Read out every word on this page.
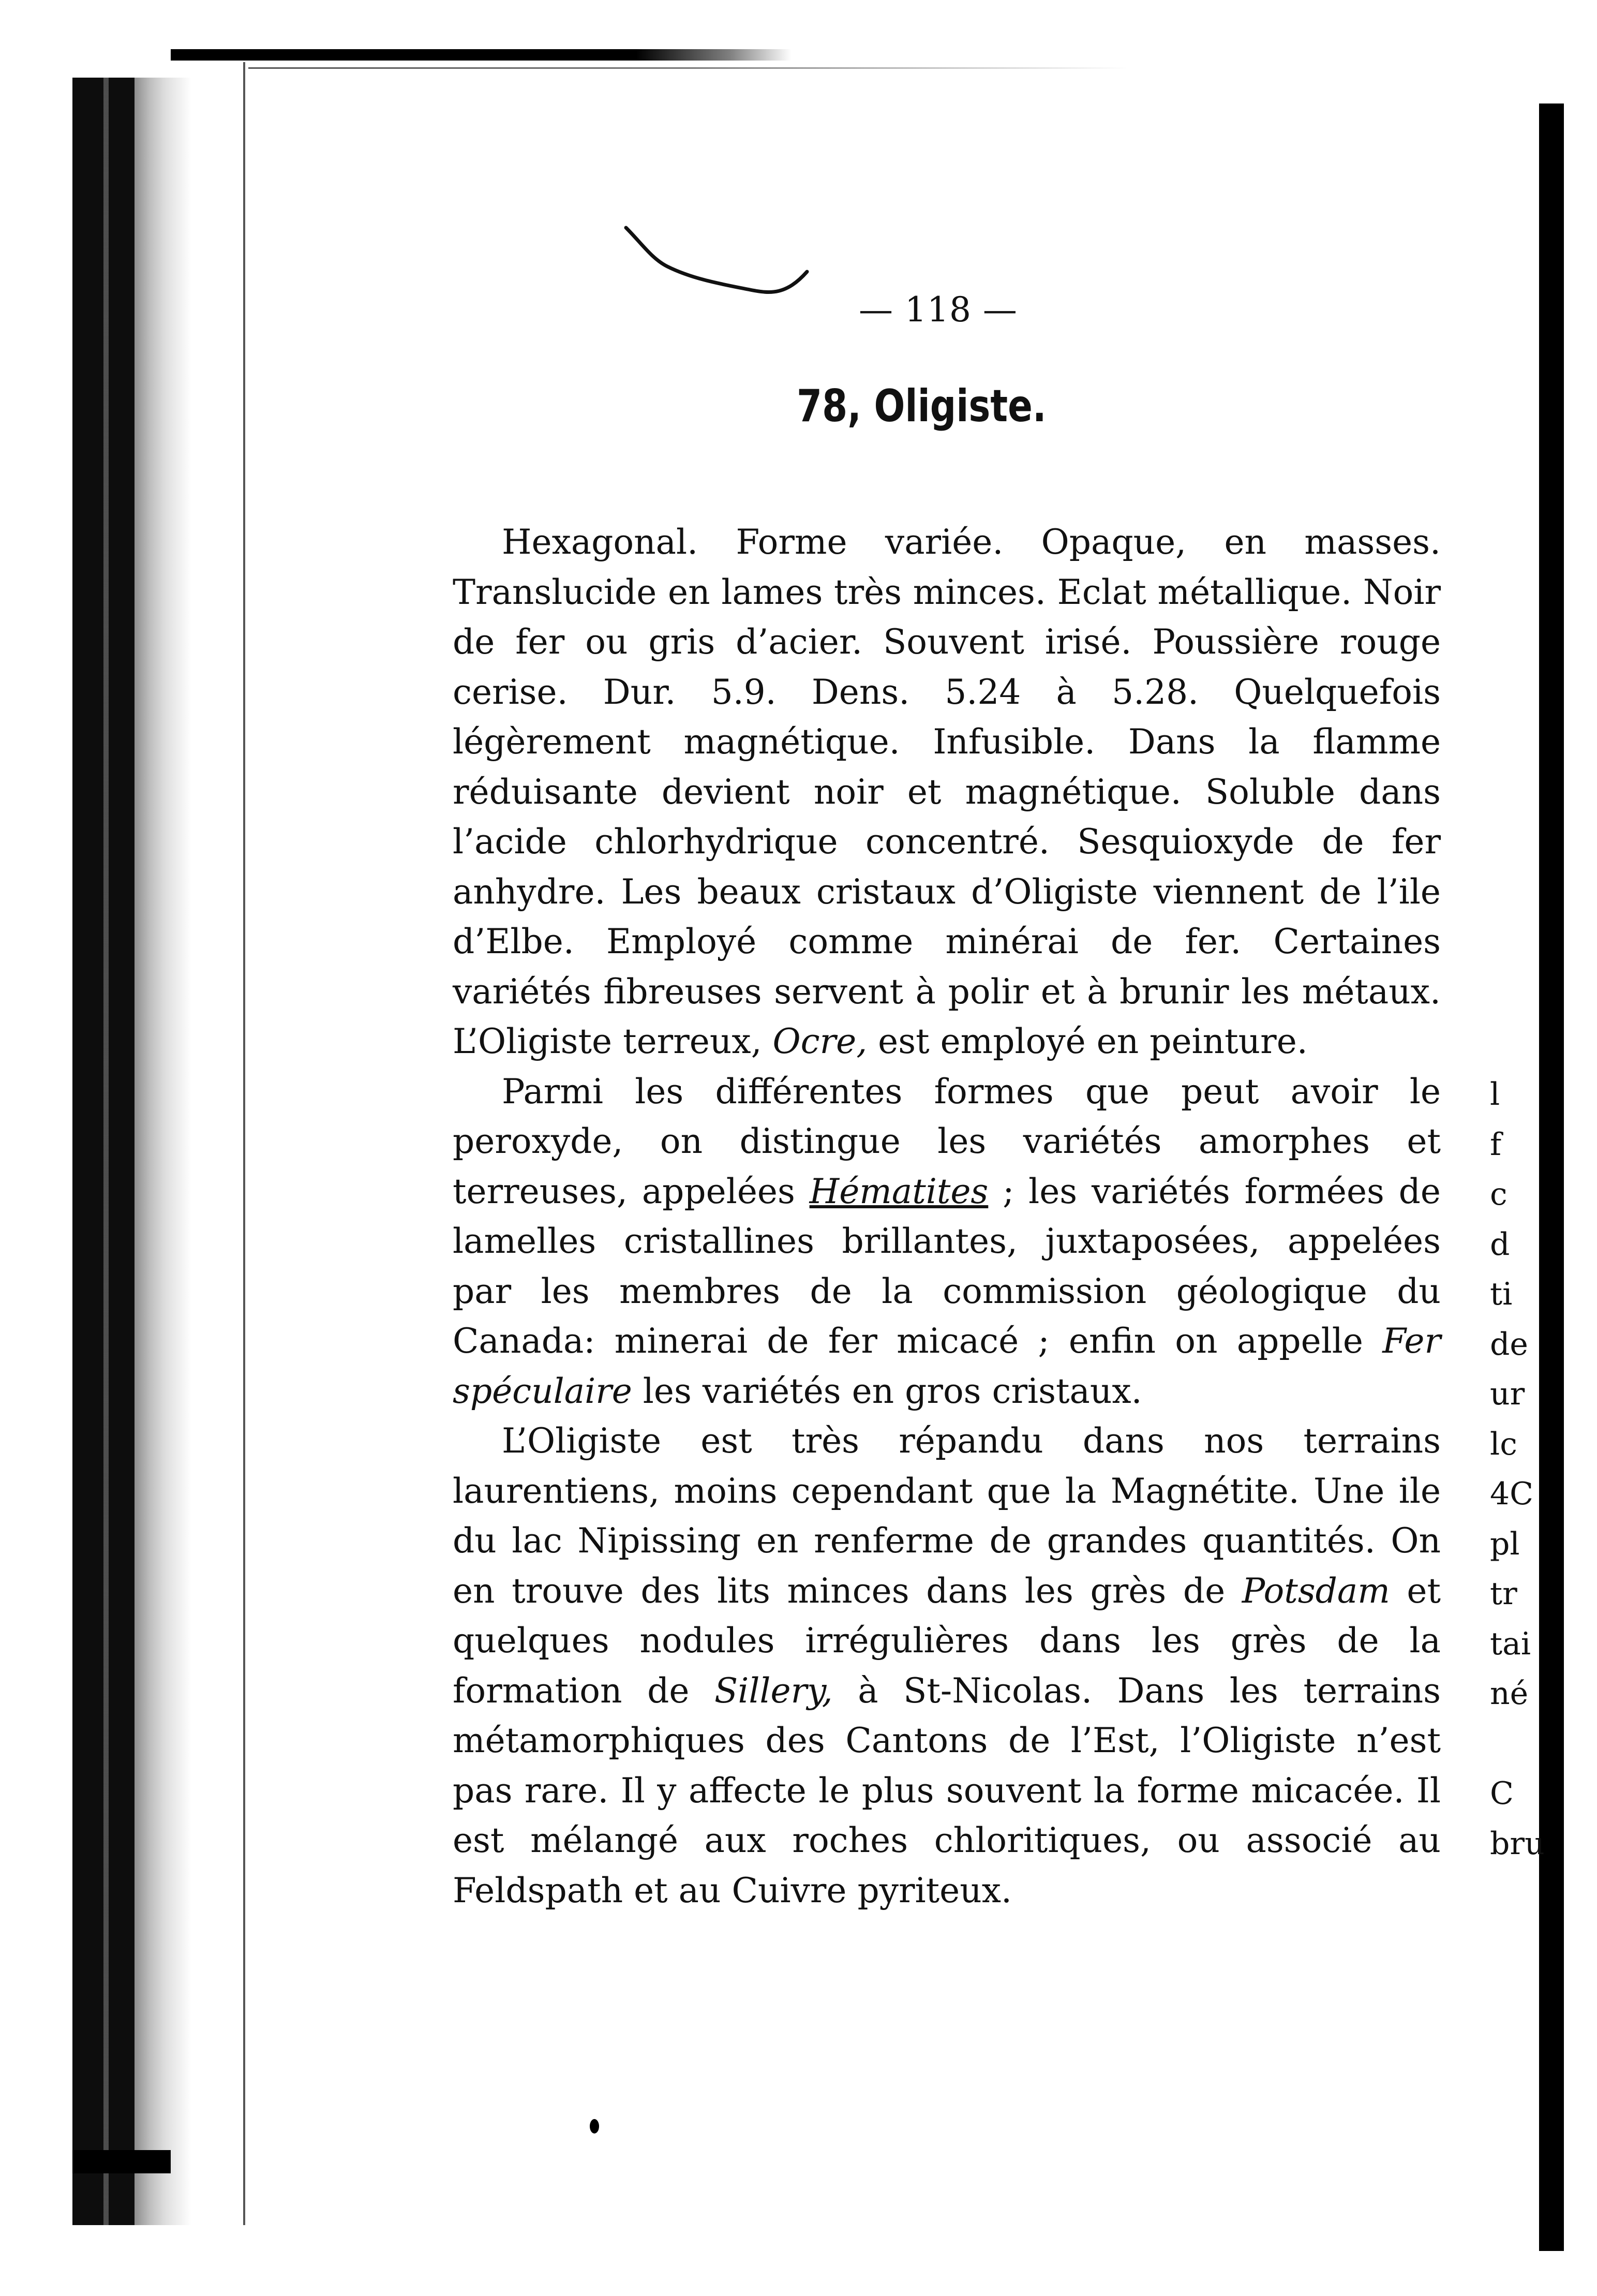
— 118 —
78, Oligiste.

Hexagonal. Forme variée. Opaque, en masses. Translucide en lames très minces. Eclat métallique. Noir de fer ou gris d’acier. Souvent irisé. Poussière rouge cerise. Dur. 5.9. Dens. 5.24 à 5.28. Quelquefois légèrement magnétique. Infusible. Dans la flamme réduisante devient noir et magnétique. Soluble dans l’acide chlorhydrique concentré. Sesquioxyde de fer anhydre. Les beaux cristaux d’Oligiste viennent de l’ile d’Elbe. Employé comme minérai de fer. Certaines variétés fibreuses servent à polir et à brunir les métaux. L’Oligiste terreux, Ocre, est employé en peinture.

Parmi les différentes formes que peut avoir le peroxyde, on distingue les variétés amorphes et terreuses, appelées Hématites ; les variétés formées de lamelles cristallines brillantes, juxtaposées, appelées par les membres de la commission géologique du Canada: minerai de fer micacé ; enfin on appelle Fer spéculaire les variétés en gros cristaux.

L’Oligiste est très répandu dans nos terrains laurentiens, moins cependant que la Magnétite. Une ile du lac Nipissing en renferme de grandes quantités. On en trouve des lits minces dans les grès de Potsdam et quelques nodules irrégulières dans les grès de la formation de Sillery, à St-Nicolas. Dans les terrains métamorphiques des Cantons de l’Est, l’Oligiste n’est pas rare. Il y affecte le plus souvent la forme micacée. Il est mélangé aux roches chloritiques, ou associé au Feldspath et au Cuivre pyriteux.

l
f
c
d
ti
de
ur
lc
4C
pl
tr
tai
né
C
bru
